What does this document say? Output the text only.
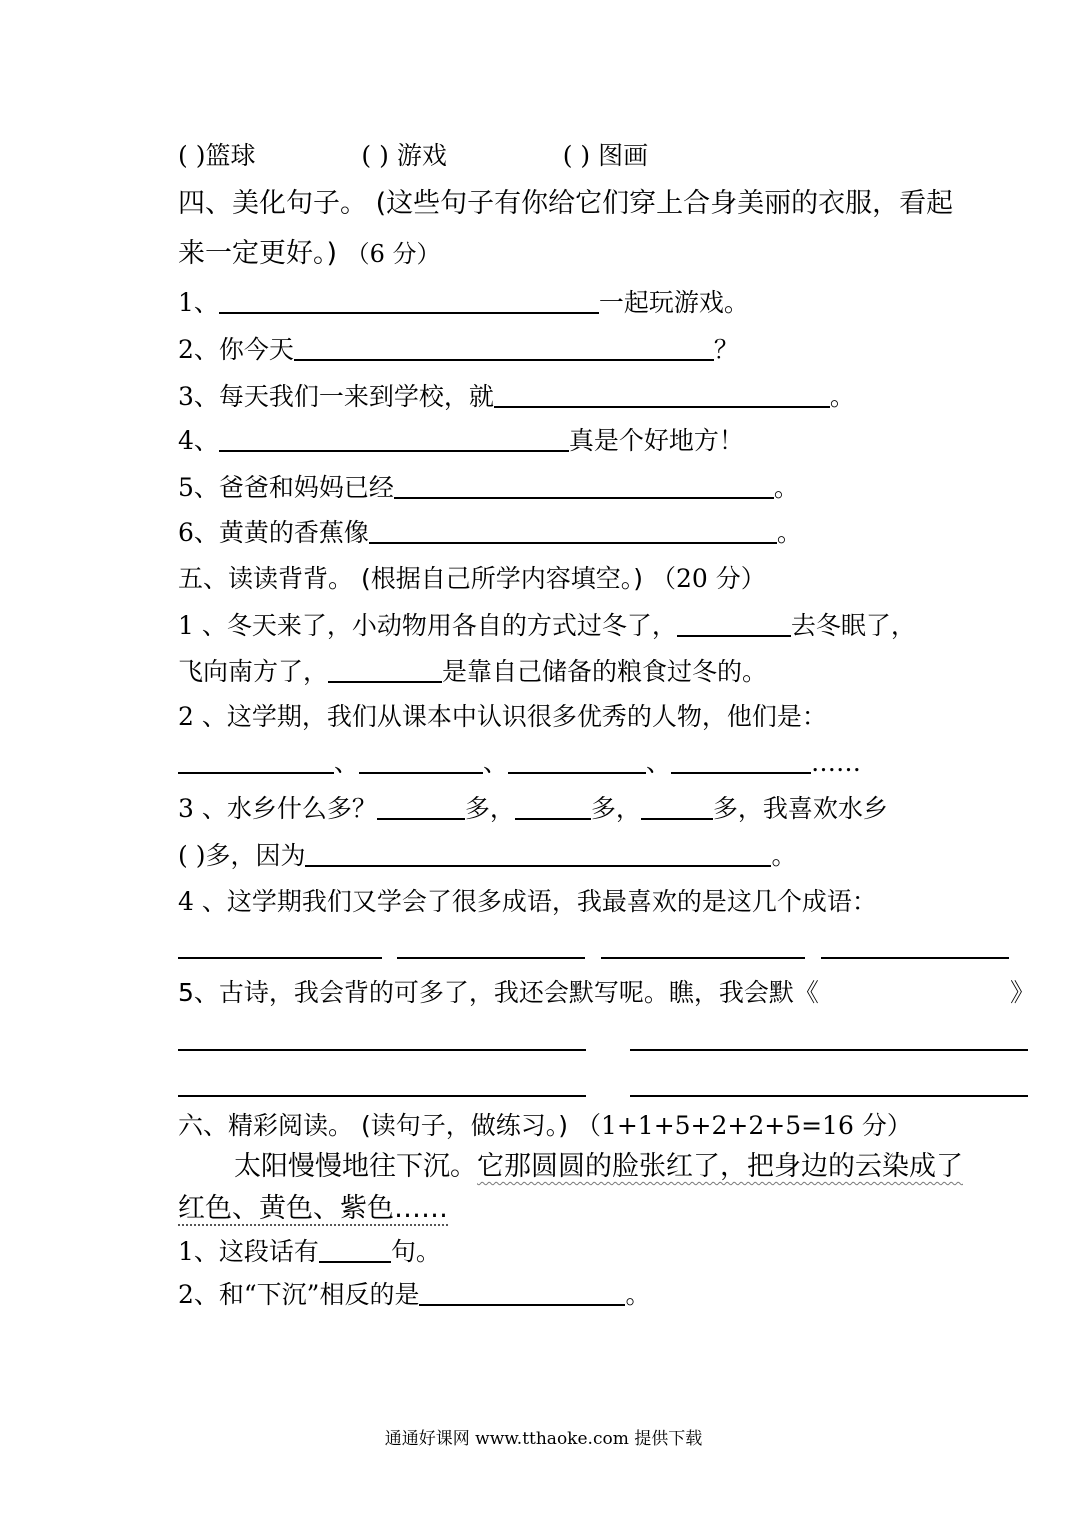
( )篮球	( ) 游戏	( ) 图画
四、美化句子。 (这些句子有你给它们穿上合身美丽的衣服，看起
来一定更好。) （6 分）
1、	一起玩游戏。
2、你今天	？
3、每天我们一来到学校，就	。
4、	真是个好地方！
5、爸爸和妈妈已经	。
6、黄黄的香蕉像	。
五、读读背背。 (根据自己所学内容填空。) （20 分）
1 、冬天来了，小动物用各自的方式过冬了，	去冬眠了，
飞向南方了，	是靠自己储备的粮食过冬的。
2 、这学期，我们从课本中认识很多优秀的人物，他们是：
、	、	、	……
3 、水乡什么多？	多，	多，	多，我喜欢水乡
( )多，因为	。
4 、这学期我们又学会了很多成语，我最喜欢的是这几个成语：
5、古诗，我会背的可多了，我还会默写呢。瞧，我会默《	》
六、精彩阅读。 (读句子，做练习。) （1+1+5+2+2+5=16 分）
太阳慢慢地往下沉。它那圆圆的脸张红了，把身边的云染成了
红色、黄色、紫色……
1、这段话有	句。
2、和“下沉”相反的是	。
通通好课网 www.tthaoke.com 提供下载
